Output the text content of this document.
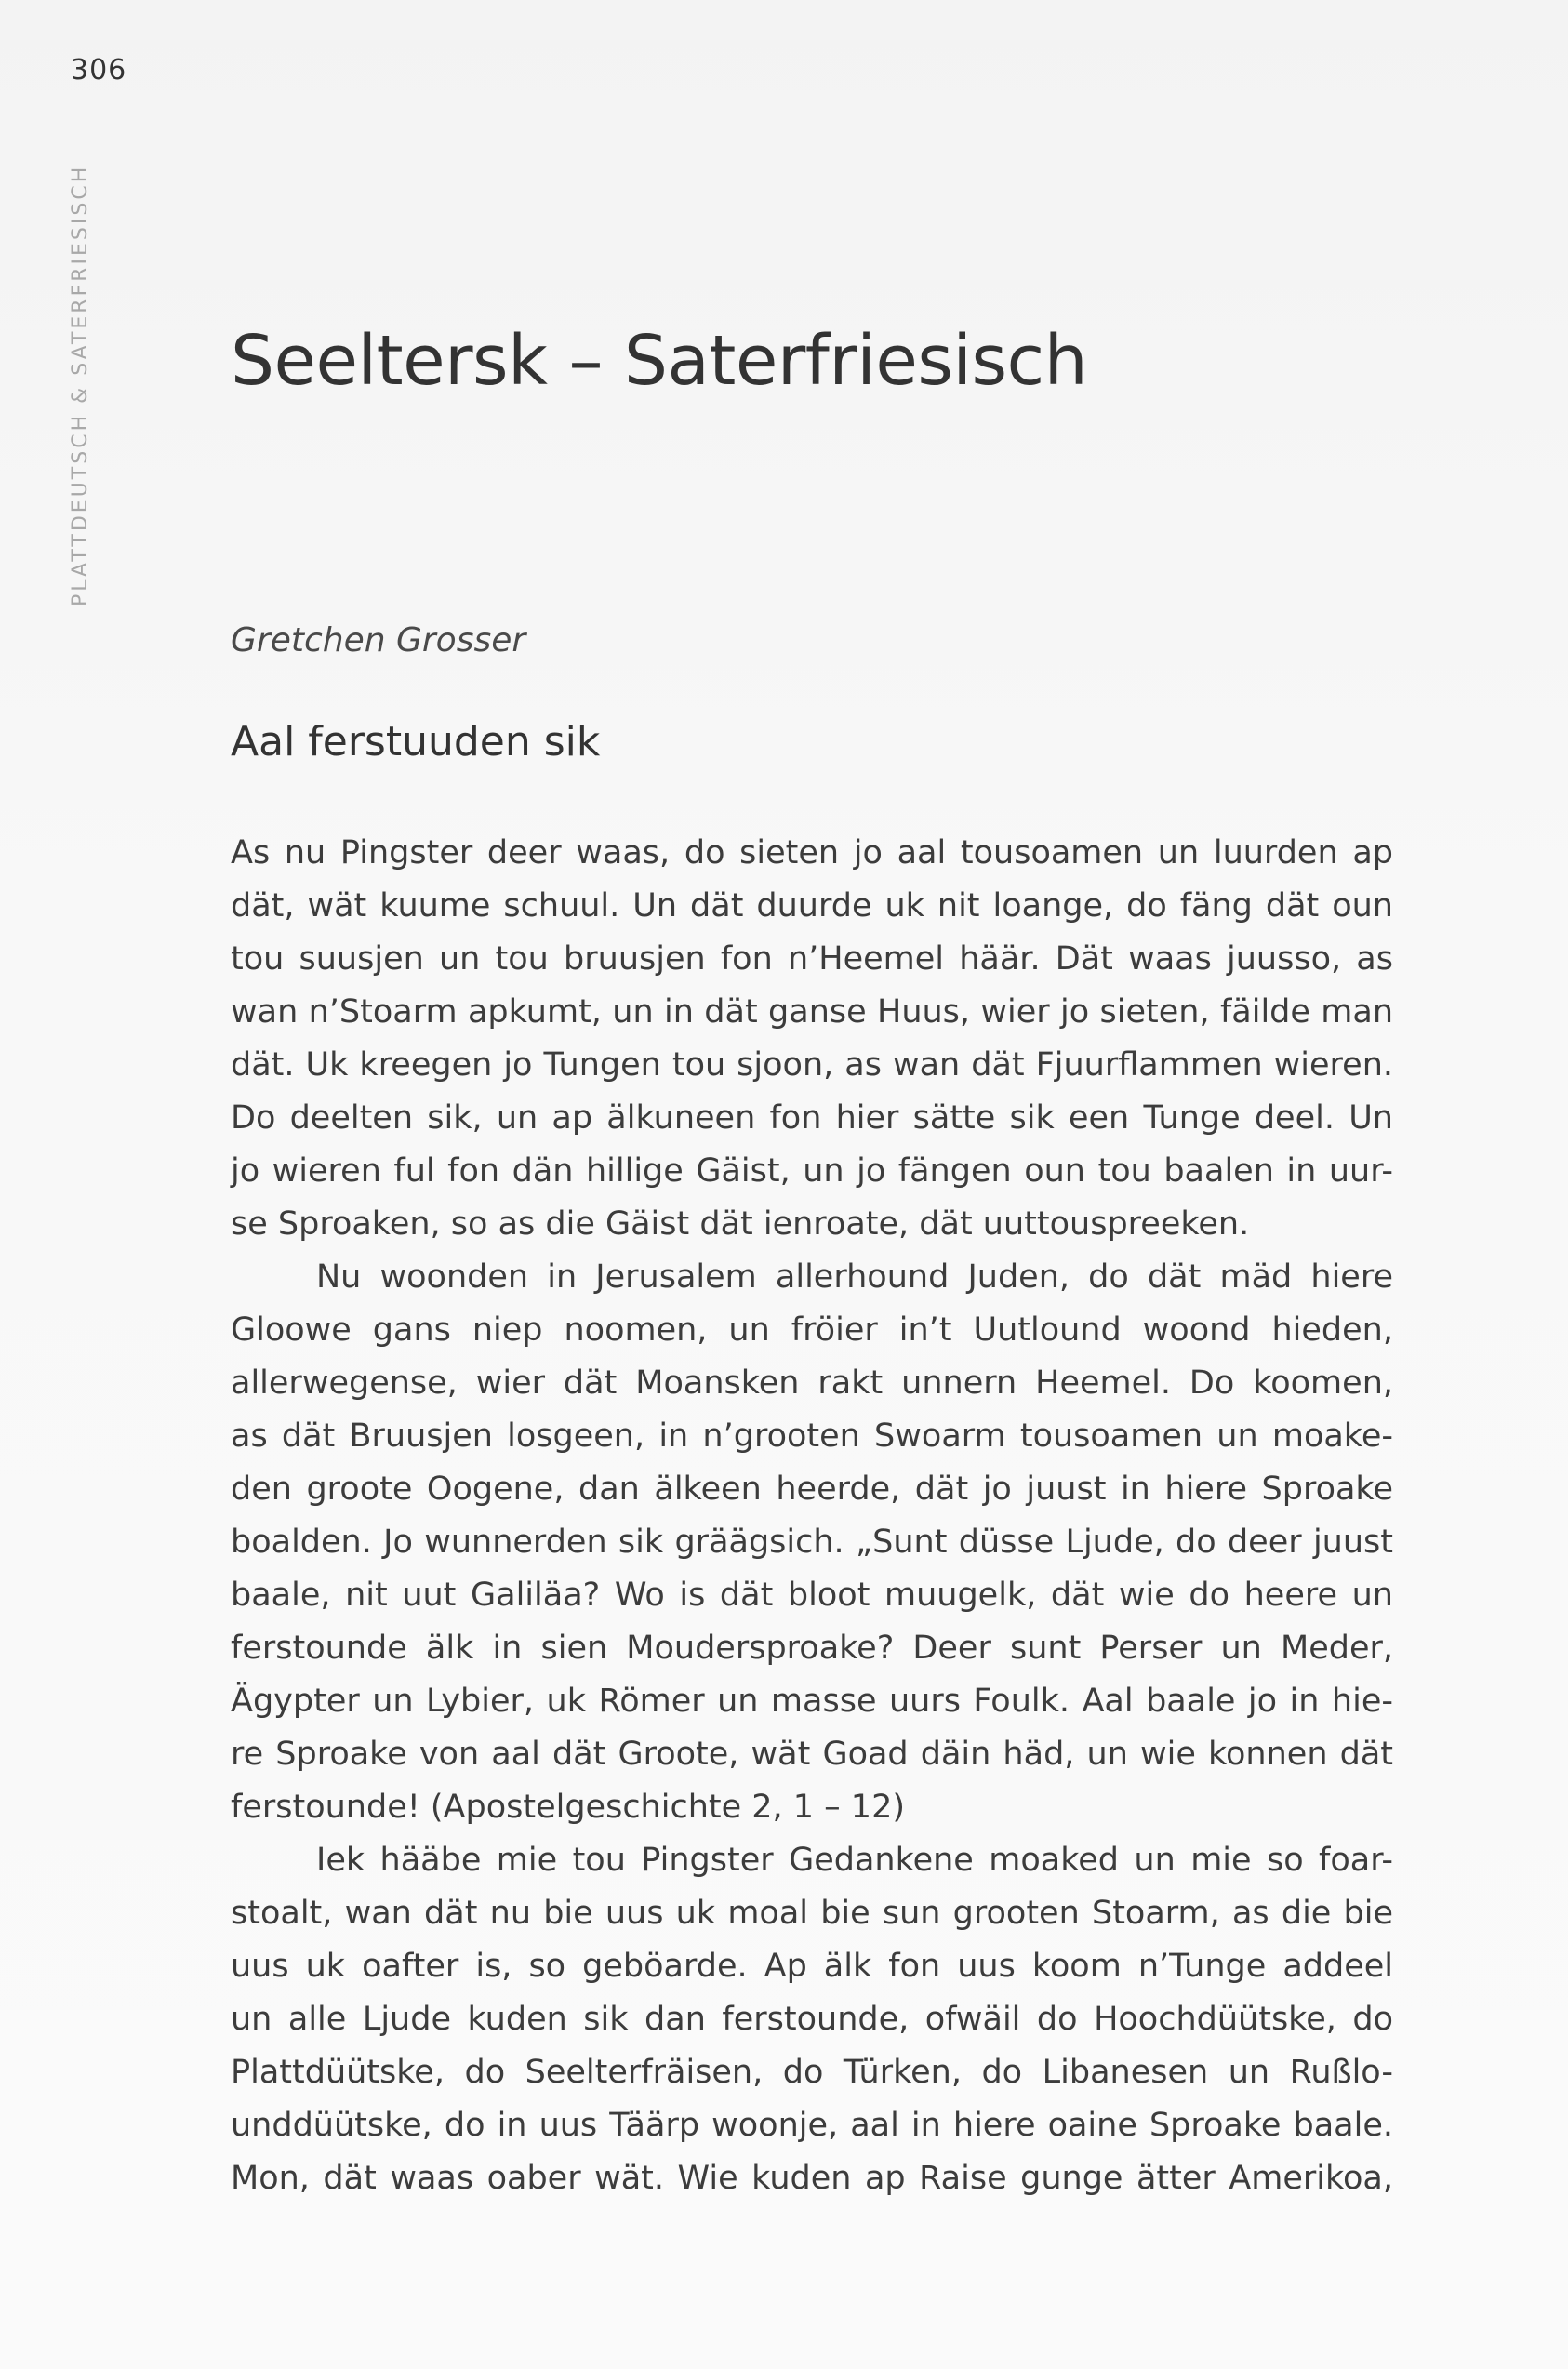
306
PLATTDEUTSCH & SATERFRIESISCH Seeltersk – Saterfriesisch
Gretchen Grosser
Aal ferstuuden sik
As nu Pingster deer waas, do sieten jo aal tousoamen un luurden ap
dät, wät kuume schuul. Un dät duurde uk nit loange, do fäng dät oun
tou suusjen un tou bruusjen fon n’Heemel häär. Dät waas juusso, as
wan n’Stoarm apkumt, un in dät ganse Huus, wier jo sieten, fäilde man
dät. Uk kreegen jo Tungen tou sjoon, as wan dät Fjuurflammen wieren.
Do deelten sik, un ap älkuneen fon hier sätte sik een Tunge deel. Un
jo wieren ful fon dän hillige Gäist, un jo fängen oun tou baalen in uur-
se Sproaken, so as die Gäist dät ienroate, dät uuttouspreeken.
Nu woonden in Jerusalem allerhound Juden, do dät mäd hiere
Gloowe gans niep noomen, un fröier in’t Uutlound woond hieden,
allerwegense, wier dät Moansken rakt unnern Heemel. Do koomen,
as dät Bruusjen losgeen, in n’grooten Swoarm tousoamen un moake-
den groote Oogene, dan älkeen heerde, dät jo juust in hiere Sproake
boalden. Jo wunnerden sik gräägsich. „Sunt düsse Ljude, do deer juust
baale, nit uut Galiläa? Wo is dät bloot muugelk, dät wie do heere un
ferstounde älk in sien Moudersproake? Deer sunt Perser un Meder,
Ägypter un Lybier, uk Römer un masse uurs Foulk. Aal baale jo in hie-
re Sproake von aal dät Groote, wät Goad däin häd, un wie konnen dät
ferstounde! (Apostelgeschichte 2, 1 – 12)
Iek hääbe mie tou Pingster Gedankene moaked un mie so foar-
stoalt, wan dät nu bie uus uk moal bie sun grooten Stoarm, as die bie
uus uk oafter is, so geböarde. Ap älk fon uus koom n’Tunge addeel
un alle Ljude kuden sik dan ferstounde, ofwäil do Hoochdüütske, do
Plattdüütske, do Seelterfräisen, do Türken, do Libanesen un Rußlo-
unddüütske, do in uus Täärp woonje, aal in hiere oaine Sproake baale.
Mon, dät waas oaber wät. Wie kuden ap Raise gunge ätter Amerikoa,
